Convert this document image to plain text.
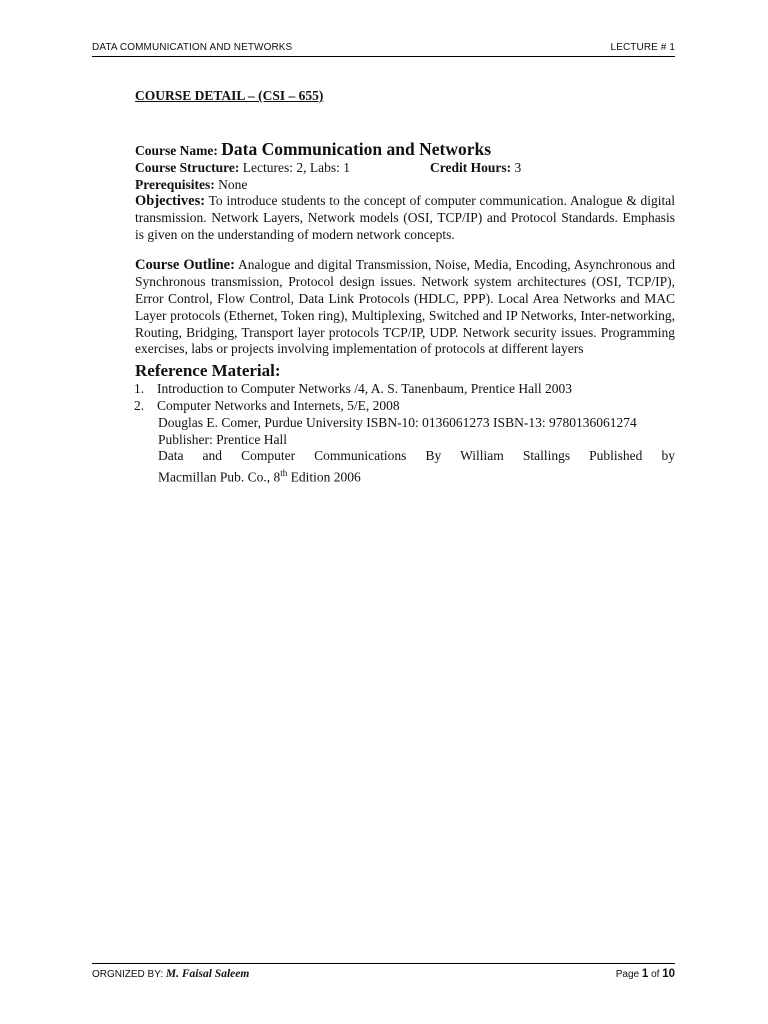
DATA COMMUNICATION AND NETWORKS	LECTURE # 1

COURSE DETAIL – (CSI – 655)

Course Name: Data Communication and Networks
Course Structure: Lectures: 2, Labs: 1	Credit Hours: 3
Prerequisites: None

Objectives: To introduce students to the concept of computer communication. Analogue & digital transmission. Network Layers, Network models (OSI, TCP/IP) and Protocol Standards. Emphasis is given on the understanding of modern network concepts.

Course Outline: Analogue and digital Transmission, Noise, Media, Encoding, Asynchronous and Synchronous transmission, Protocol design issues. Network system architectures (OSI, TCP/IP), Error Control, Flow Control, Data Link Protocols (HDLC, PPP). Local Area Networks and MAC Layer protocols (Ethernet, Token ring), Multiplexing, Switched and IP Networks, Inter-networking, Routing, Bridging, Transport layer protocols TCP/IP, UDP. Network security issues. Programming exercises, labs or projects involving implementation of protocols at different layers

Reference Material:
1. Introduction to Computer Networks /4, A. S. Tanenbaum, Prentice Hall 2003
2. Computer Networks and Internets, 5/E, 2008

Douglas E. Comer, Purdue University ISBN-10: 0136061273 ISBN-13: 9780136061274 Publisher: Prentice Hall

Data and Computer Communications By William Stallings Published by

Macmillan Pub. Co., 8th Edition 2006

ORGNIZED BY: M. Faisal Saleem	Page 1 of 10
